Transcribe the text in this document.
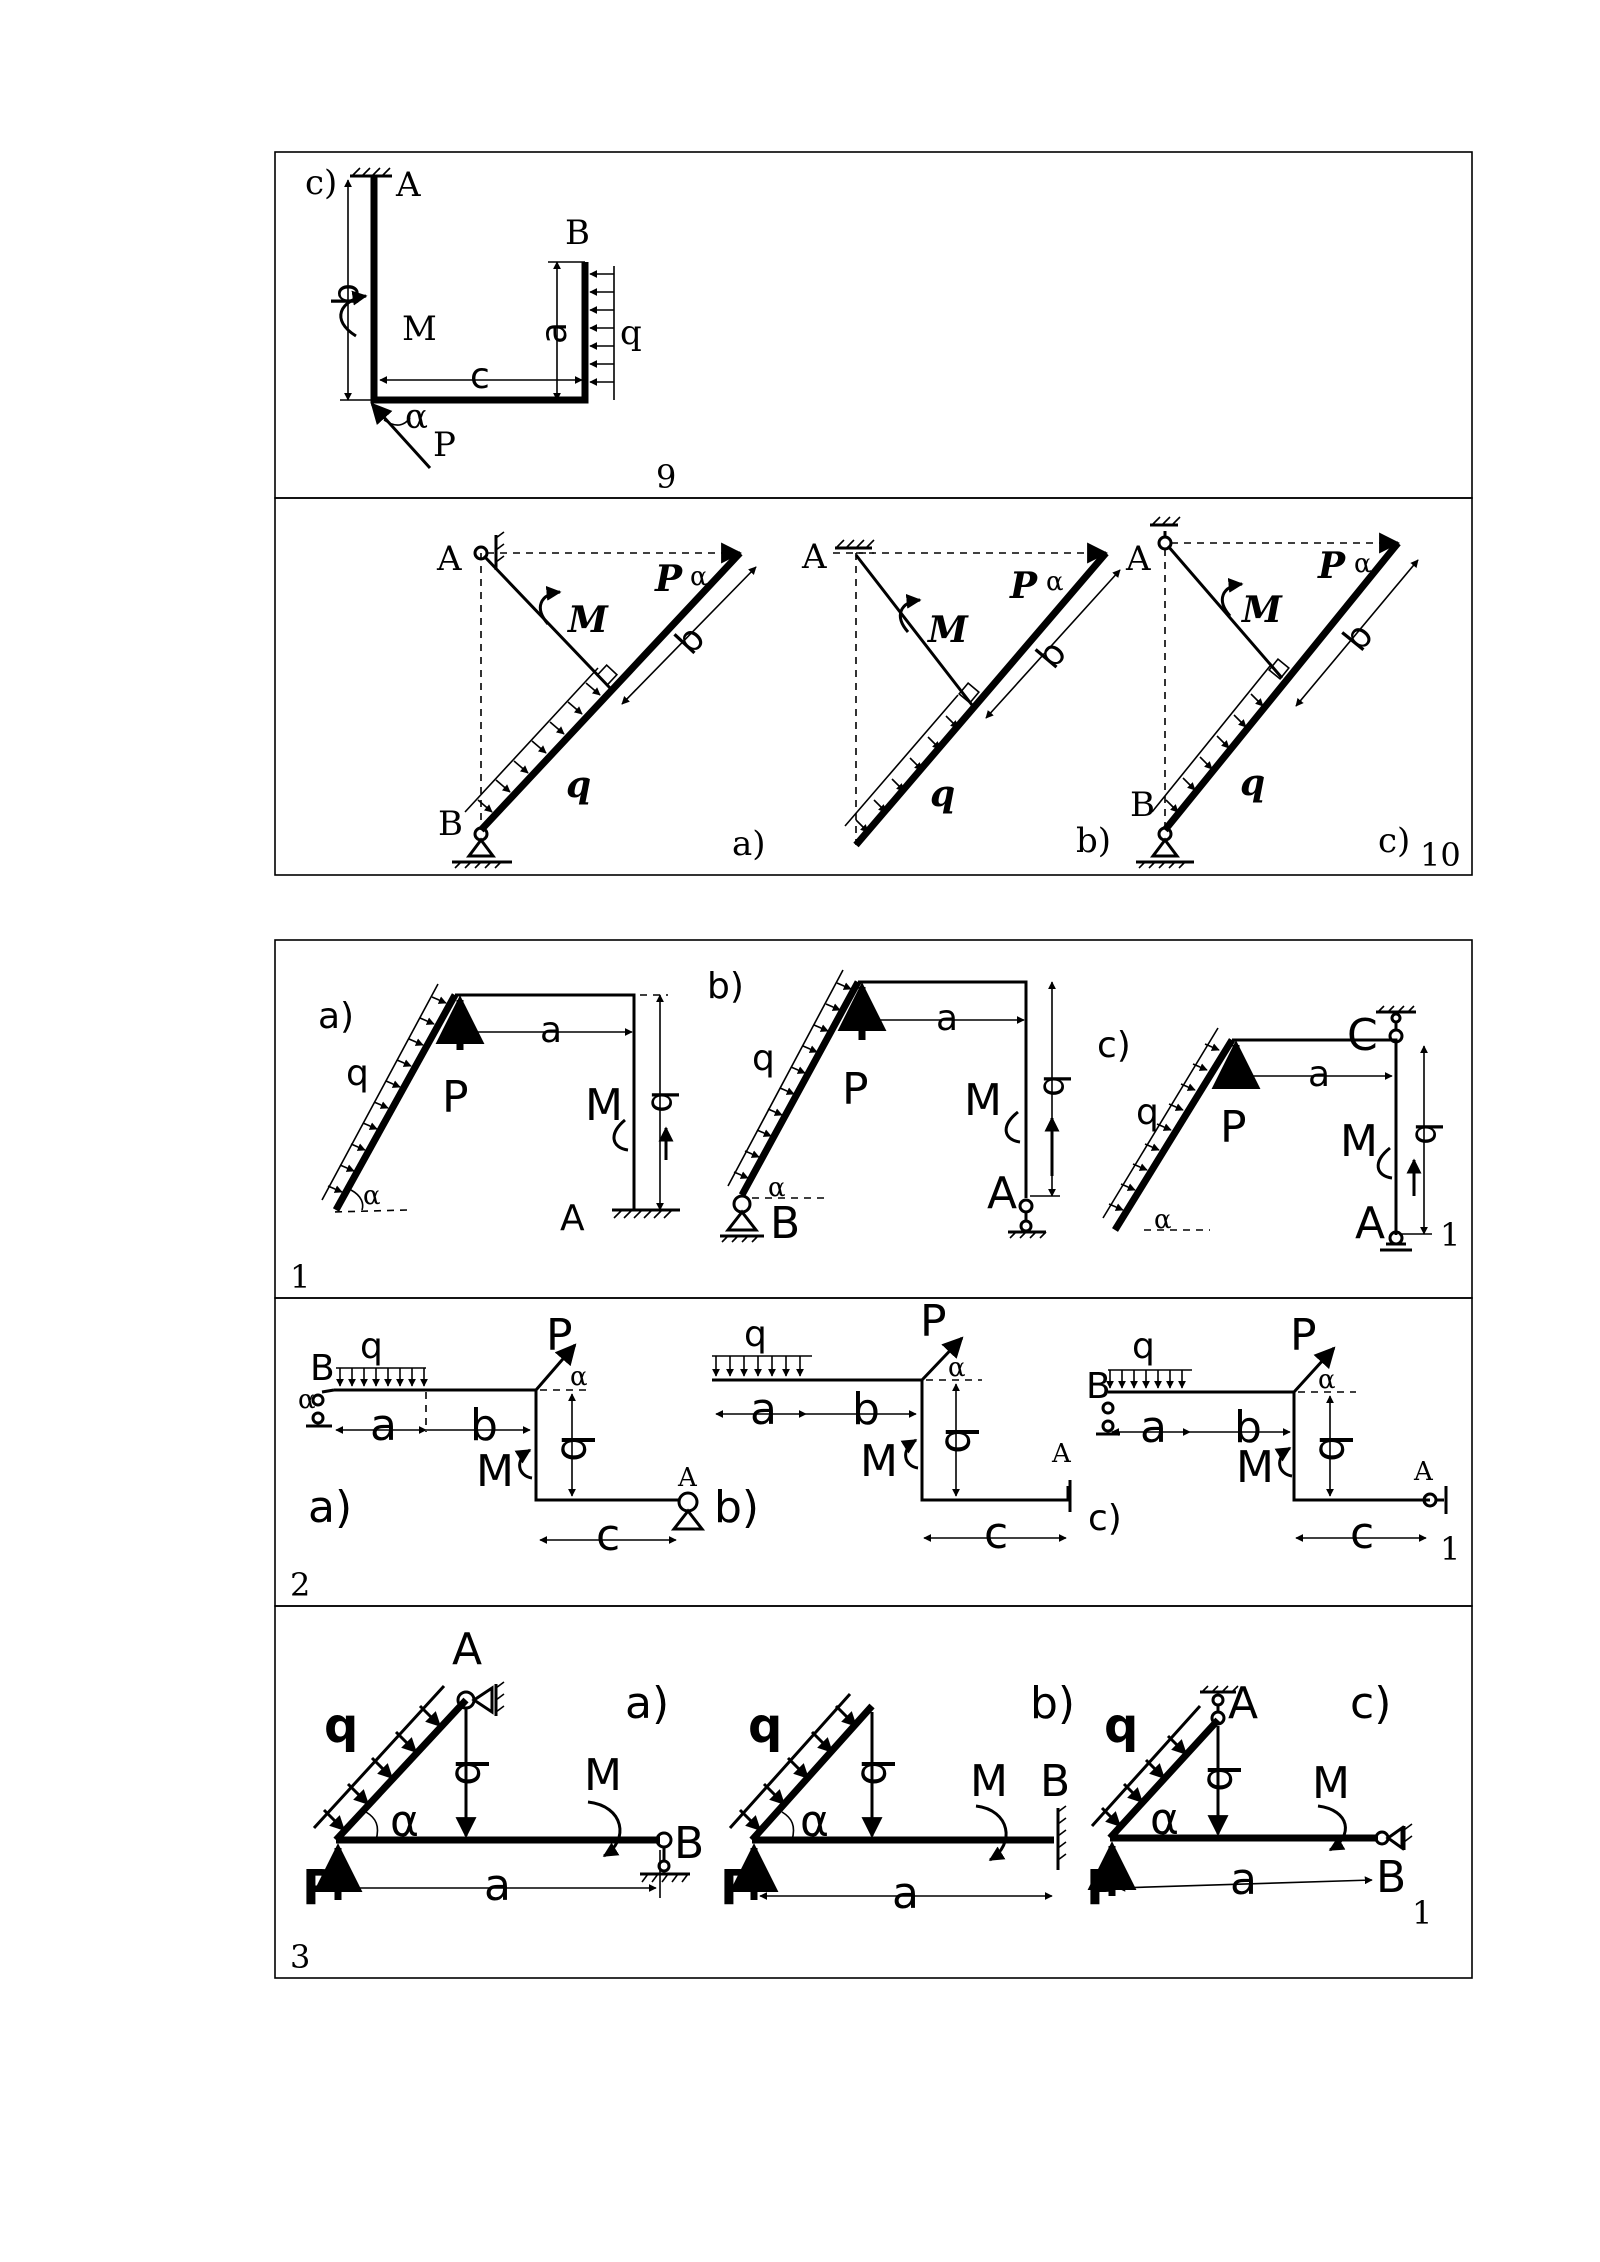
c) A
B
q
b
a
c
M
α
P
9
A
q
b
M
P α
B	a)
A
q
b
M
P α
b)
A
q
b
M
P α
B
c) 10
a)
q
α
P
a
b
M
A
1
b)
q
α
P
a
b
M
A
B
c)
q
α
P
a
b
M
C
A 1
B
q
α a b
P
α
b
M	A
b)
a)
c
2
q
a b
P
α
b
M	A
c c)
B
q
a b
P
α
b
M	A
c 1
A
q
b
α
P	a
M
B
a)
3
q
b
α
P	a
M B
b) q A
b
α
P a
M
B
c)
1
